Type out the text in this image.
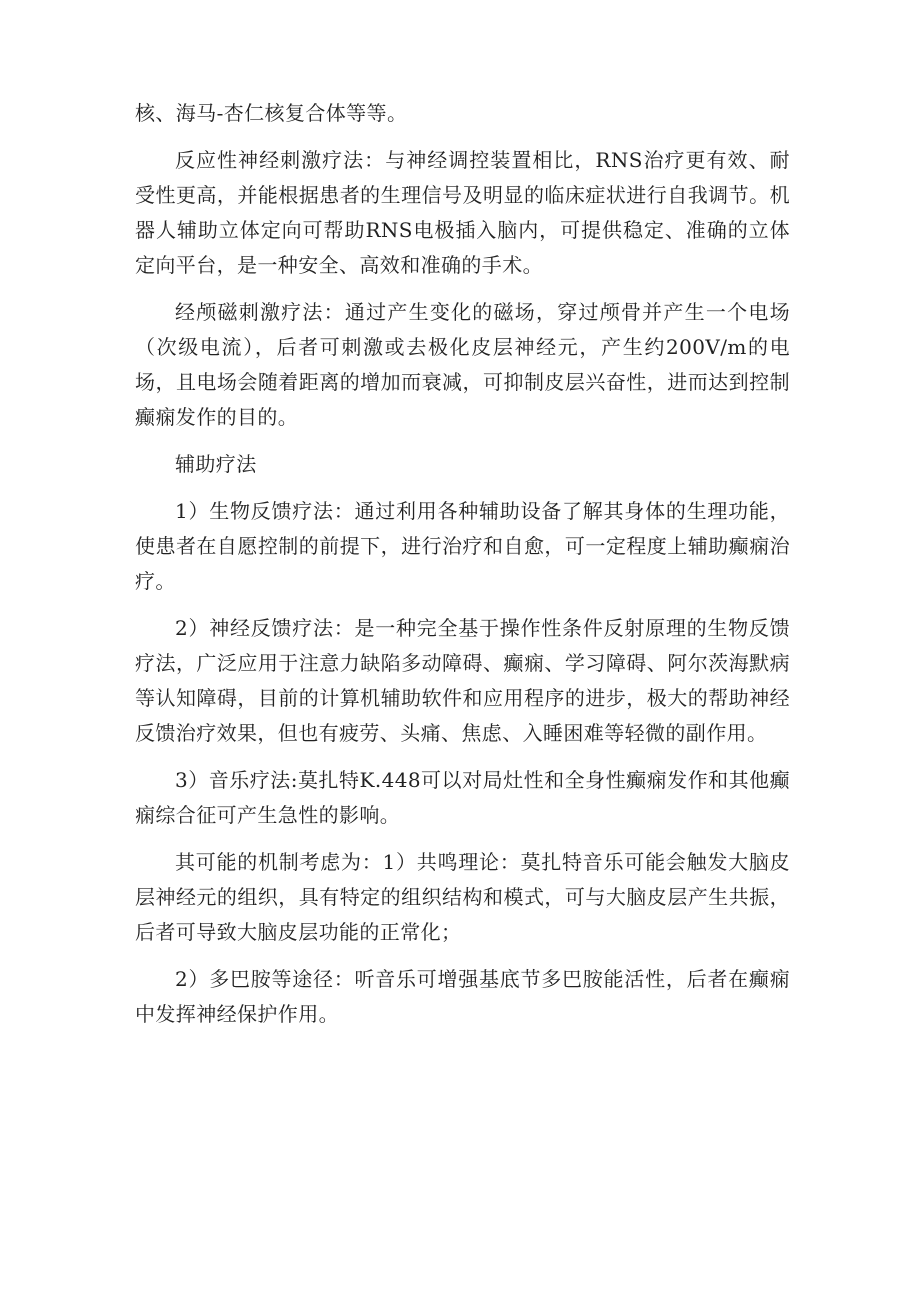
核、海马-杏仁核复合体等等。

反应性神经刺激疗法：与神经调控装置相比，RNS治疗更有效、耐受性更高，并能根据患者的生理信号及明显的临床症状进行自我调节。机器人辅助立体定向可帮助RNS电极插入脑内，可提供稳定、准确的立体定向平台，是一种安全、高效和准确的手术。

经颅磁刺激疗法：通过产生变化的磁场，穿过颅骨并产生一个电场（次级电流），后者可刺激或去极化皮层神经元，产生约200V/m的电场，且电场会随着距离的增加而衰减，可抑制皮层兴奋性，进而达到控制癫痫发作的目的。

辅助疗法

1）生物反馈疗法：通过利用各种辅助设备了解其身体的生理功能，使患者在自愿控制的前提下，进行治疗和自愈，可一定程度上辅助癫痫治疗。

2）神经反馈疗法：是一种完全基于操作性条件反射原理的生物反馈疗法，广泛应用于注意力缺陷多动障碍、癫痫、学习障碍、阿尔茨海默病等认知障碍，目前的计算机辅助软件和应用程序的进步，极大的帮助神经反馈治疗效果，但也有疲劳、头痛、焦虑、入睡困难等轻微的副作用。

3）音乐疗法:莫扎特K.448可以对局灶性和全身性癫痫发作和其他癫痫综合征可产生急性的影响。

其可能的机制考虑为：1）共鸣理论：莫扎特音乐可能会触发大脑皮层神经元的组织，具有特定的组织结构和模式，可与大脑皮层产生共振，后者可导致大脑皮层功能的正常化；

2）多巴胺等途径：听音乐可增强基底节多巴胺能活性，后者在癫痫中发挥神经保护作用。
